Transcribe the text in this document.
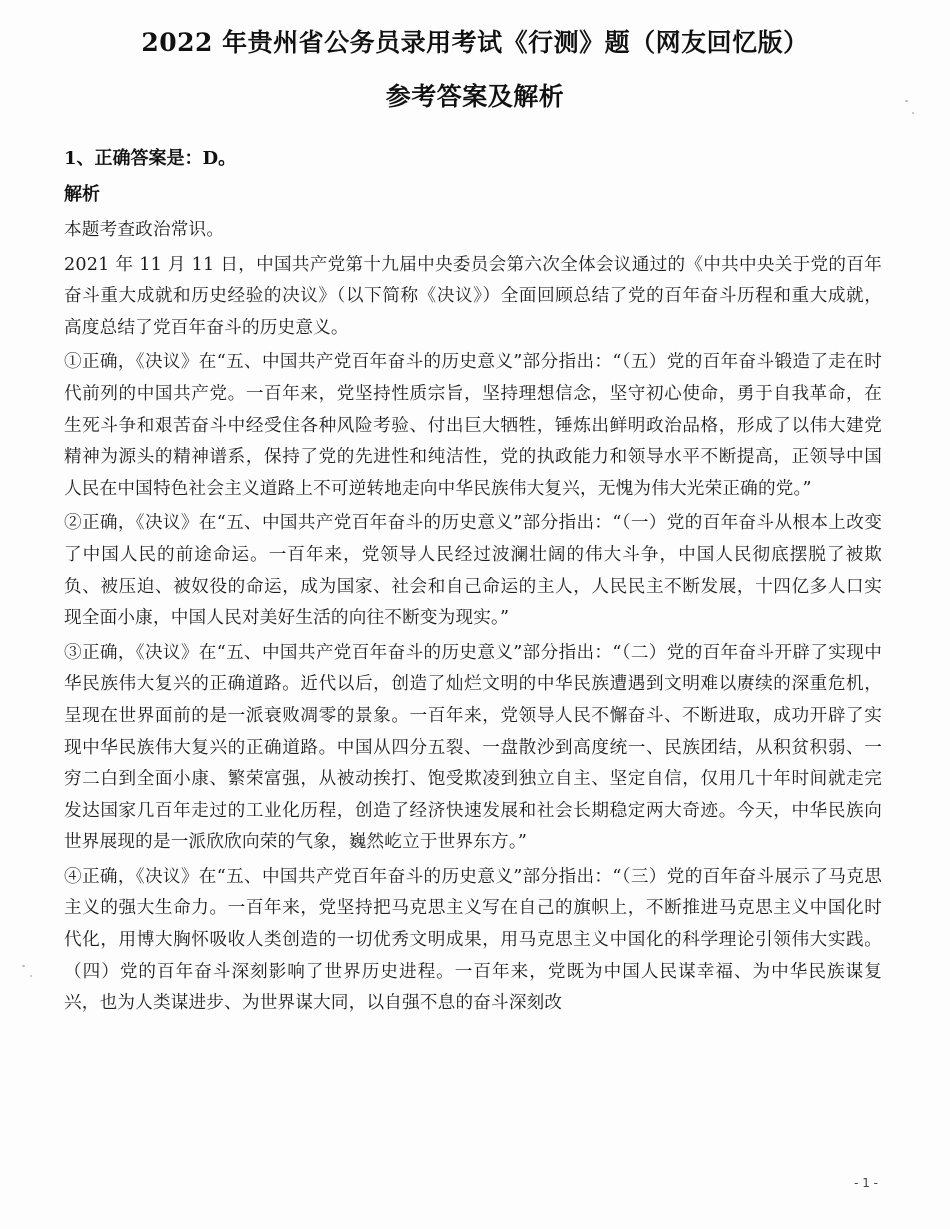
2022 年贵州省公务员录用考试《行测》题（网友回忆版）
参考答案及解析
1、正确答案是：D。
解析

本题考查政治常识。

2021 年 11 月 11 日，中国共产党第十九届中央委员会第六次全体会议通过的《中共中央关于党的百年奋斗重大成就和历史经验的决议》（以下简称《决议》）全面回顾总结了党的百年奋斗历程和重大成就，高度总结了党百年奋斗的历史意义。

①正确，《决议》在“五、中国共产党百年奋斗的历史意义”部分指出：“（五）党的百年奋斗锻造了走在时代前列的中国共产党。一百年来，党坚持性质宗旨，坚持理想信念，坚守初心使命，勇于自我革命，在生死斗争和艰苦奋斗中经受住各种风险考验、付出巨大牺牲，锤炼出鲜明政治品格，形成了以伟大建党精神为源头的精神谱系，保持了党的先进性和纯洁性，党的执政能力和领导水平不断提高，正领导中国人民在中国特色社会主义道路上不可逆转地走向中华民族伟大复兴，无愧为伟大光荣正确的党。”

②正确，《决议》在“五、中国共产党百年奋斗的历史意义”部分指出：“（一）党的百年奋斗从根本上改变了中国人民的前途命运。一百年来，党领导人民经过波澜壮阔的伟大斗争，中国人民彻底摆脱了被欺负、被压迫、被奴役的命运，成为国家、社会和自己命运的主人，人民民主不断发展，十四亿多人口实现全面小康，中国人民对美好生活的向往不断变为现实。”

③正确，《决议》在“五、中国共产党百年奋斗的历史意义”部分指出：“（二）党的百年奋斗开辟了实现中华民族伟大复兴的正确道路。近代以后，创造了灿烂文明的中华民族遭遇到文明难以赓续的深重危机，呈现在世界面前的是一派衰败凋零的景象。一百年来，党领导人民不懈奋斗、不断进取，成功开辟了实现中华民族伟大复兴的正确道路。中国从四分五裂、一盘散沙到高度统一、民族团结，从积贫积弱、一穷二白到全面小康、繁荣富强，从被动挨打、饱受欺凌到独立自主、坚定自信，仅用几十年时间就走完发达国家几百年走过的工业化历程，创造了经济快速发展和社会长期稳定两大奇迹。今天，中华民族向世界展现的是一派欣欣向荣的气象，巍然屹立于世界东方。”

④正确，《决议》在“五、中国共产党百年奋斗的历史意义”部分指出：“（三）党的百年奋斗展示了马克思主义的强大生命力。一百年来，党坚持把马克思主义写在自己的旗帜上，不断推进马克思主义中国化时代化，用博大胸怀吸收人类创造的一切优秀文明成果，用马克思主义中国化的科学理论引领伟大实践。（四）党的百年奋斗深刻影响了世界历史进程。一百年来，党既为中国人民谋幸福、为中华民族谋复兴，也为人类谋进步、为世界谋大同，以自强不息的奋斗深刻改

- 1 -
